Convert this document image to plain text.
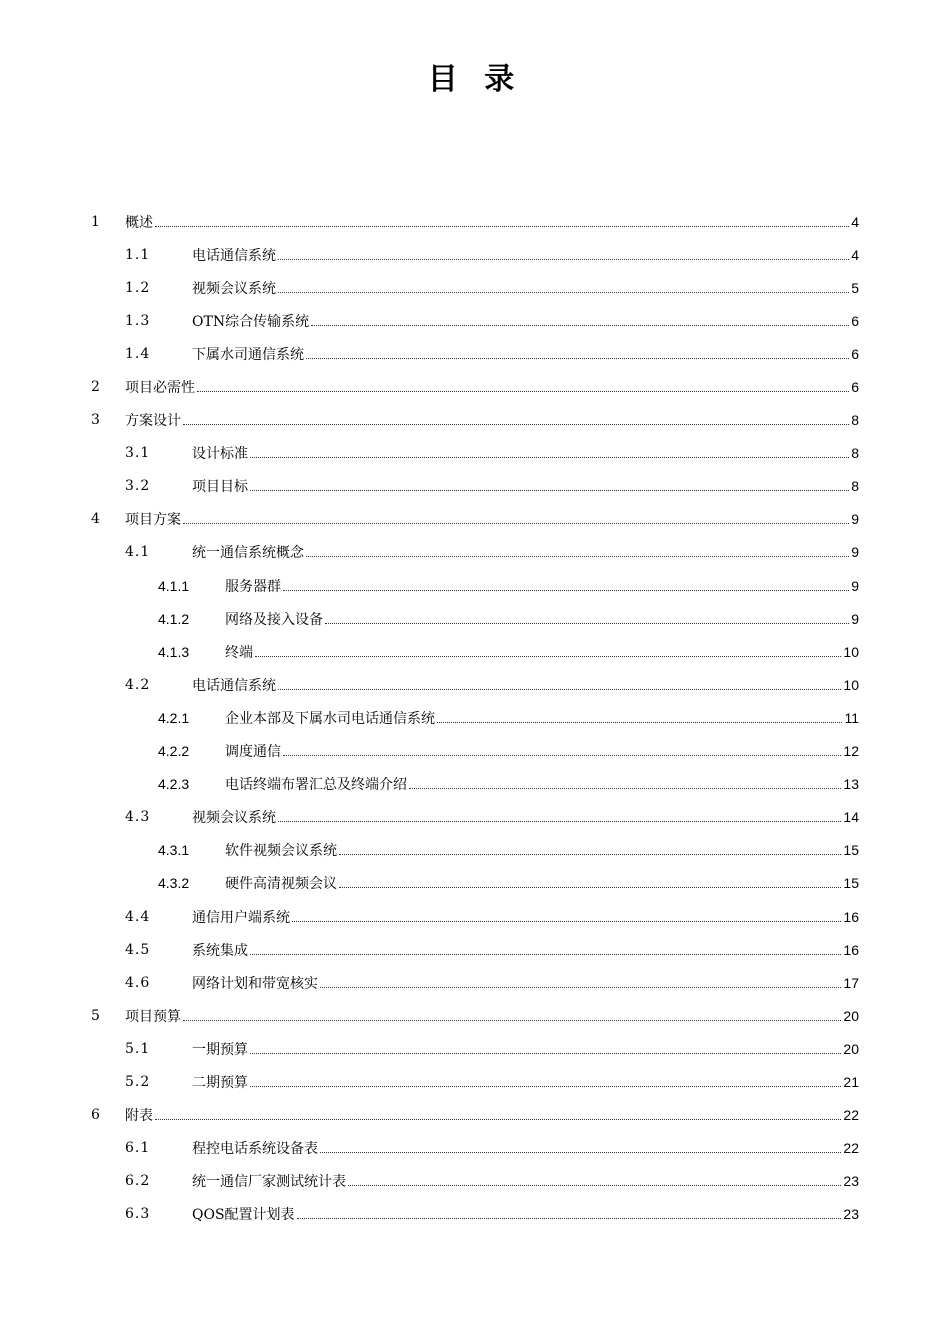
目 录
1 概述	4
1.1	电话通信系统	4
1.2	视频会议系统	5
1.3	OTN综合传输系统	6
1.4	下属水司通信系统	6
2 项目必需性	6
3 方案设计	8
3.1	设计标准	8
3.2	项目目标	8
4 项目方案	9
4.1	统一通信系统概念	9
4.1.1	服务器群	9
4.1.2	网络及接入设备	9
4.1.3	终端	10
4.2	电话通信系统	10
4.2.1	企业本部及下属水司电话通信系统	11
4.2.2	调度通信	12
4.2.3	电话终端布署汇总及终端介绍	13
4.3	视频会议系统	14
4.3.1	软件视频会议系统	15
4.3.2	硬件高清视频会议	15
4.4	通信用户端系统	16
4.5	系统集成	16
4.6	网络计划和带宽核实	17
5 项目预算	20
5.1	一期预算	20
5.2	二期预算	21
6 附表	22
6.1	程控电话系统设备表	22
6.2	统一通信厂家测试统计表	23
6.3	QOS配置计划表	23
